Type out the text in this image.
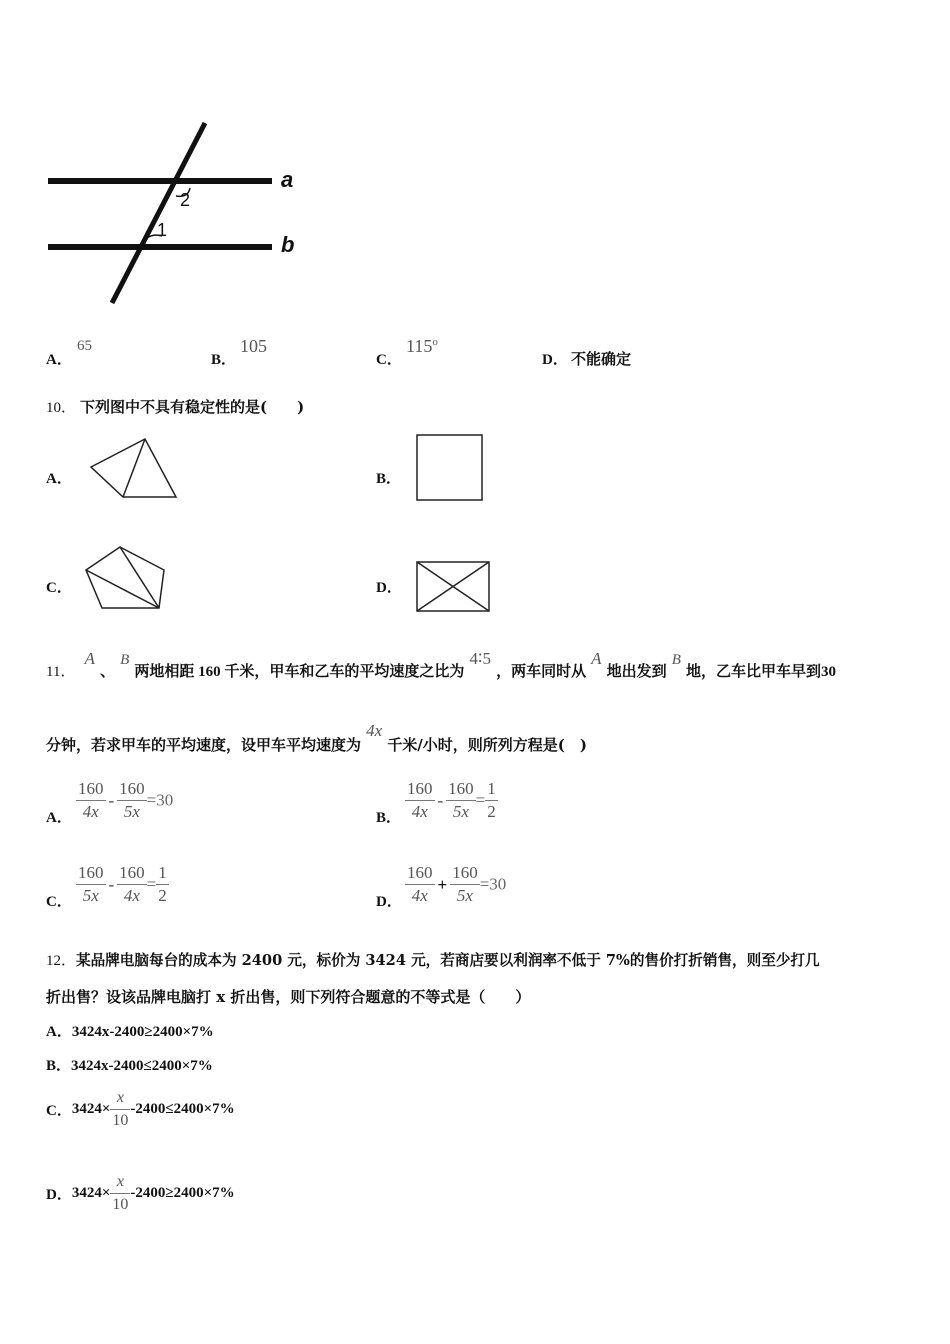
a
b
2
1
A．
65
B．
105
C．
115$^o$
D． 不能确定
10． 下列图中不具有稳定性的是(　　)
A．	B．
C．	D．
11． A 、 B 两地相距 160 千米，甲车和乙车的平均速度之比为 4∶5 ，两车同时从 A 地出发到 B 地，乙车比甲车早到30
分钟，若求甲车的平均速度，设甲车平均速度为 4x 千米/小时，则所列方程是(　)
A． $\frac{160}{4x} - \frac{160}{5x} =30$
B． $\frac{160}{4x} - \frac{160}{5x} = \frac{1}{2}$
C． $\frac{160}{5x} - \frac{160}{4x} = \frac{1}{2}$	D． $\frac{160}{4x} + \frac{160}{5x} =30$
12．某品牌电脑每台的成本为 2400 元，标价为 3424 元，若商店要以利润率不低于 7%的售价打折销售，则至少打几
折出售？设该品牌电脑打 x 折出售，则下列符合题意的不等式是（　　）
A．3424x-2400≥2400×7%
B．3424x-2400≤2400×7%
C．$3424\times \frac{x}{10} -2400\le 2400\times 7\%$
D．$3424\times \frac{x}{10} -2400\ge 2400\times 7\%$
